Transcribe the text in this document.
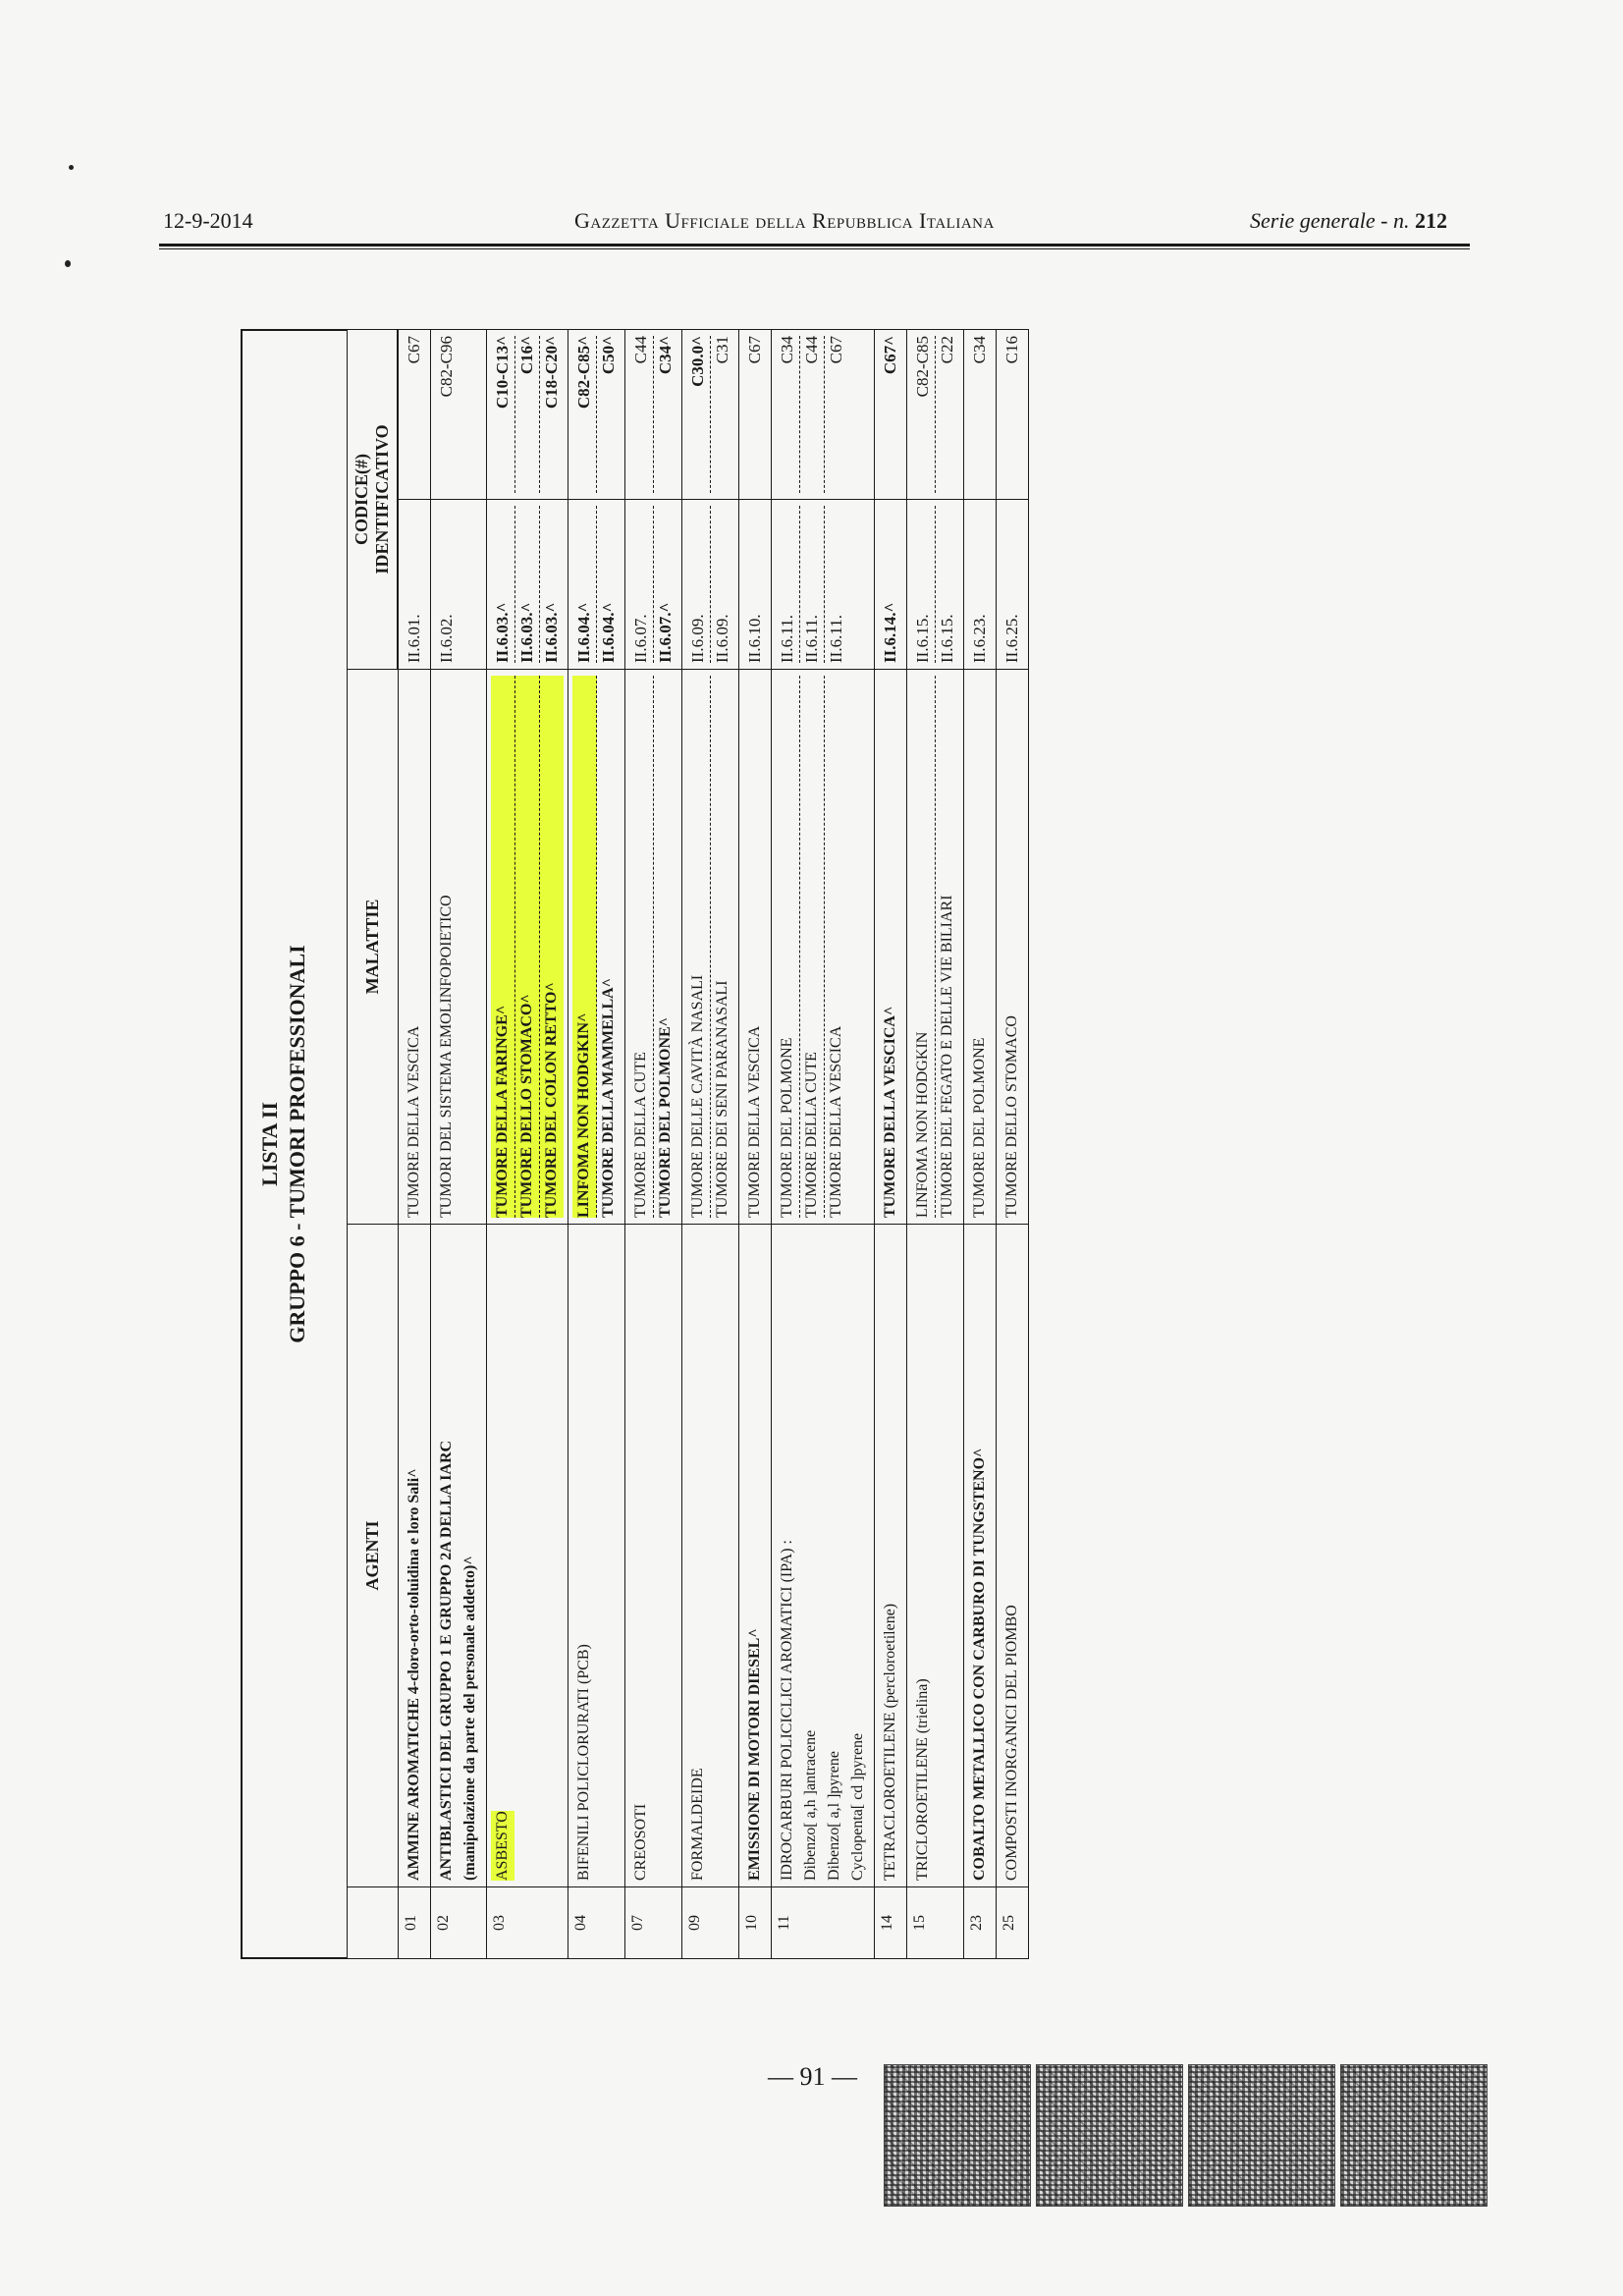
12-9-2014	Gazzetta Ufficiale della Repubblica Italiana	Serie generale - n. 212
LISTA II GRUPPO 6 - TUMORI PROFESSIONALI
	AGENTI	MALATTIE	CODICE(#) IDENTIFICATIVO	

01	AMMINE AROMATICHE 4-cloro-orto-toluidina e loro Sali^	TUMORE DELLA VESCICA	II.6.01.	C67

02	ANTIBLASTICI DEL GRUPPO 1 E GRUPPO 2A DELLA IARC (manipolazione da parte del personale addetto)^	TUMORI DEL SISTEMA EMOLINFOPOIETICO	II.6.02.	C82-C96

03	ASBESTO	TUMORE DELLA FARINGE^ TUMORE DELLO STOMACO^ TUMORE DEL COLON RETTO^	II.6.03.^ II.6.03.^ II.6.03.^	C10-C13^ C16^ C18-C20^

04	BIFENILI POLICLORURATI (PCB)	LINFOMA NON HODGKIN^ TUMORE DELLA MAMMELLA^	II.6.04.^ II.6.04.^	C82-C85^ C50^

07	CREOSOTI	TUMORE DELLA CUTE TUMORE DEL POLMONE^	II.6.07. II.6.07.^	C44 C34^

09	FORMALDEIDE	TUMORE DELLE CAVITÀ NASALI TUMORE DEI SENI PARANASALI	II.6.09. II.6.09.	C30.0^ C31

10	EMISSIONE DI MOTORI DIESEL^	TUMORE DELLA VESCICA	II.6.10.	C67

11	IDROCARBURI POLICICLICI AROMATICI (IPA) : Dibenzo[ a,h ]antracene Dibenzo[ a,l ]pyrene Cyclopenta[ cd ]pyrene	TUMORE DEL POLMONE TUMORE DELLA CUTE TUMORE DELLA VESCICA	II.6.11. II.6.11. II.6.11.	C34 C44 C67

14	TETRACLOROETILENE (percloroetilene)	TUMORE DELLA VESCICA^	II.6.14.^	C67^

15	TRICLOROETILENE (trielina)	LINFOMA NON HODGKIN TUMORE DEL FEGATO E DELLE VIE BILIARI	II.6.15. II.6.15.	C82-C85 C22

23	COBALTO METALLICO CON CARBURO DI TUNGSTENO^	TUMORE DEL POLMONE	II.6.23.	C34

25	COMPOSTI INORGANICI DEL PIOMBO	TUMORE DELLO STOMACO	II.6.25.	C16
— 91 —
